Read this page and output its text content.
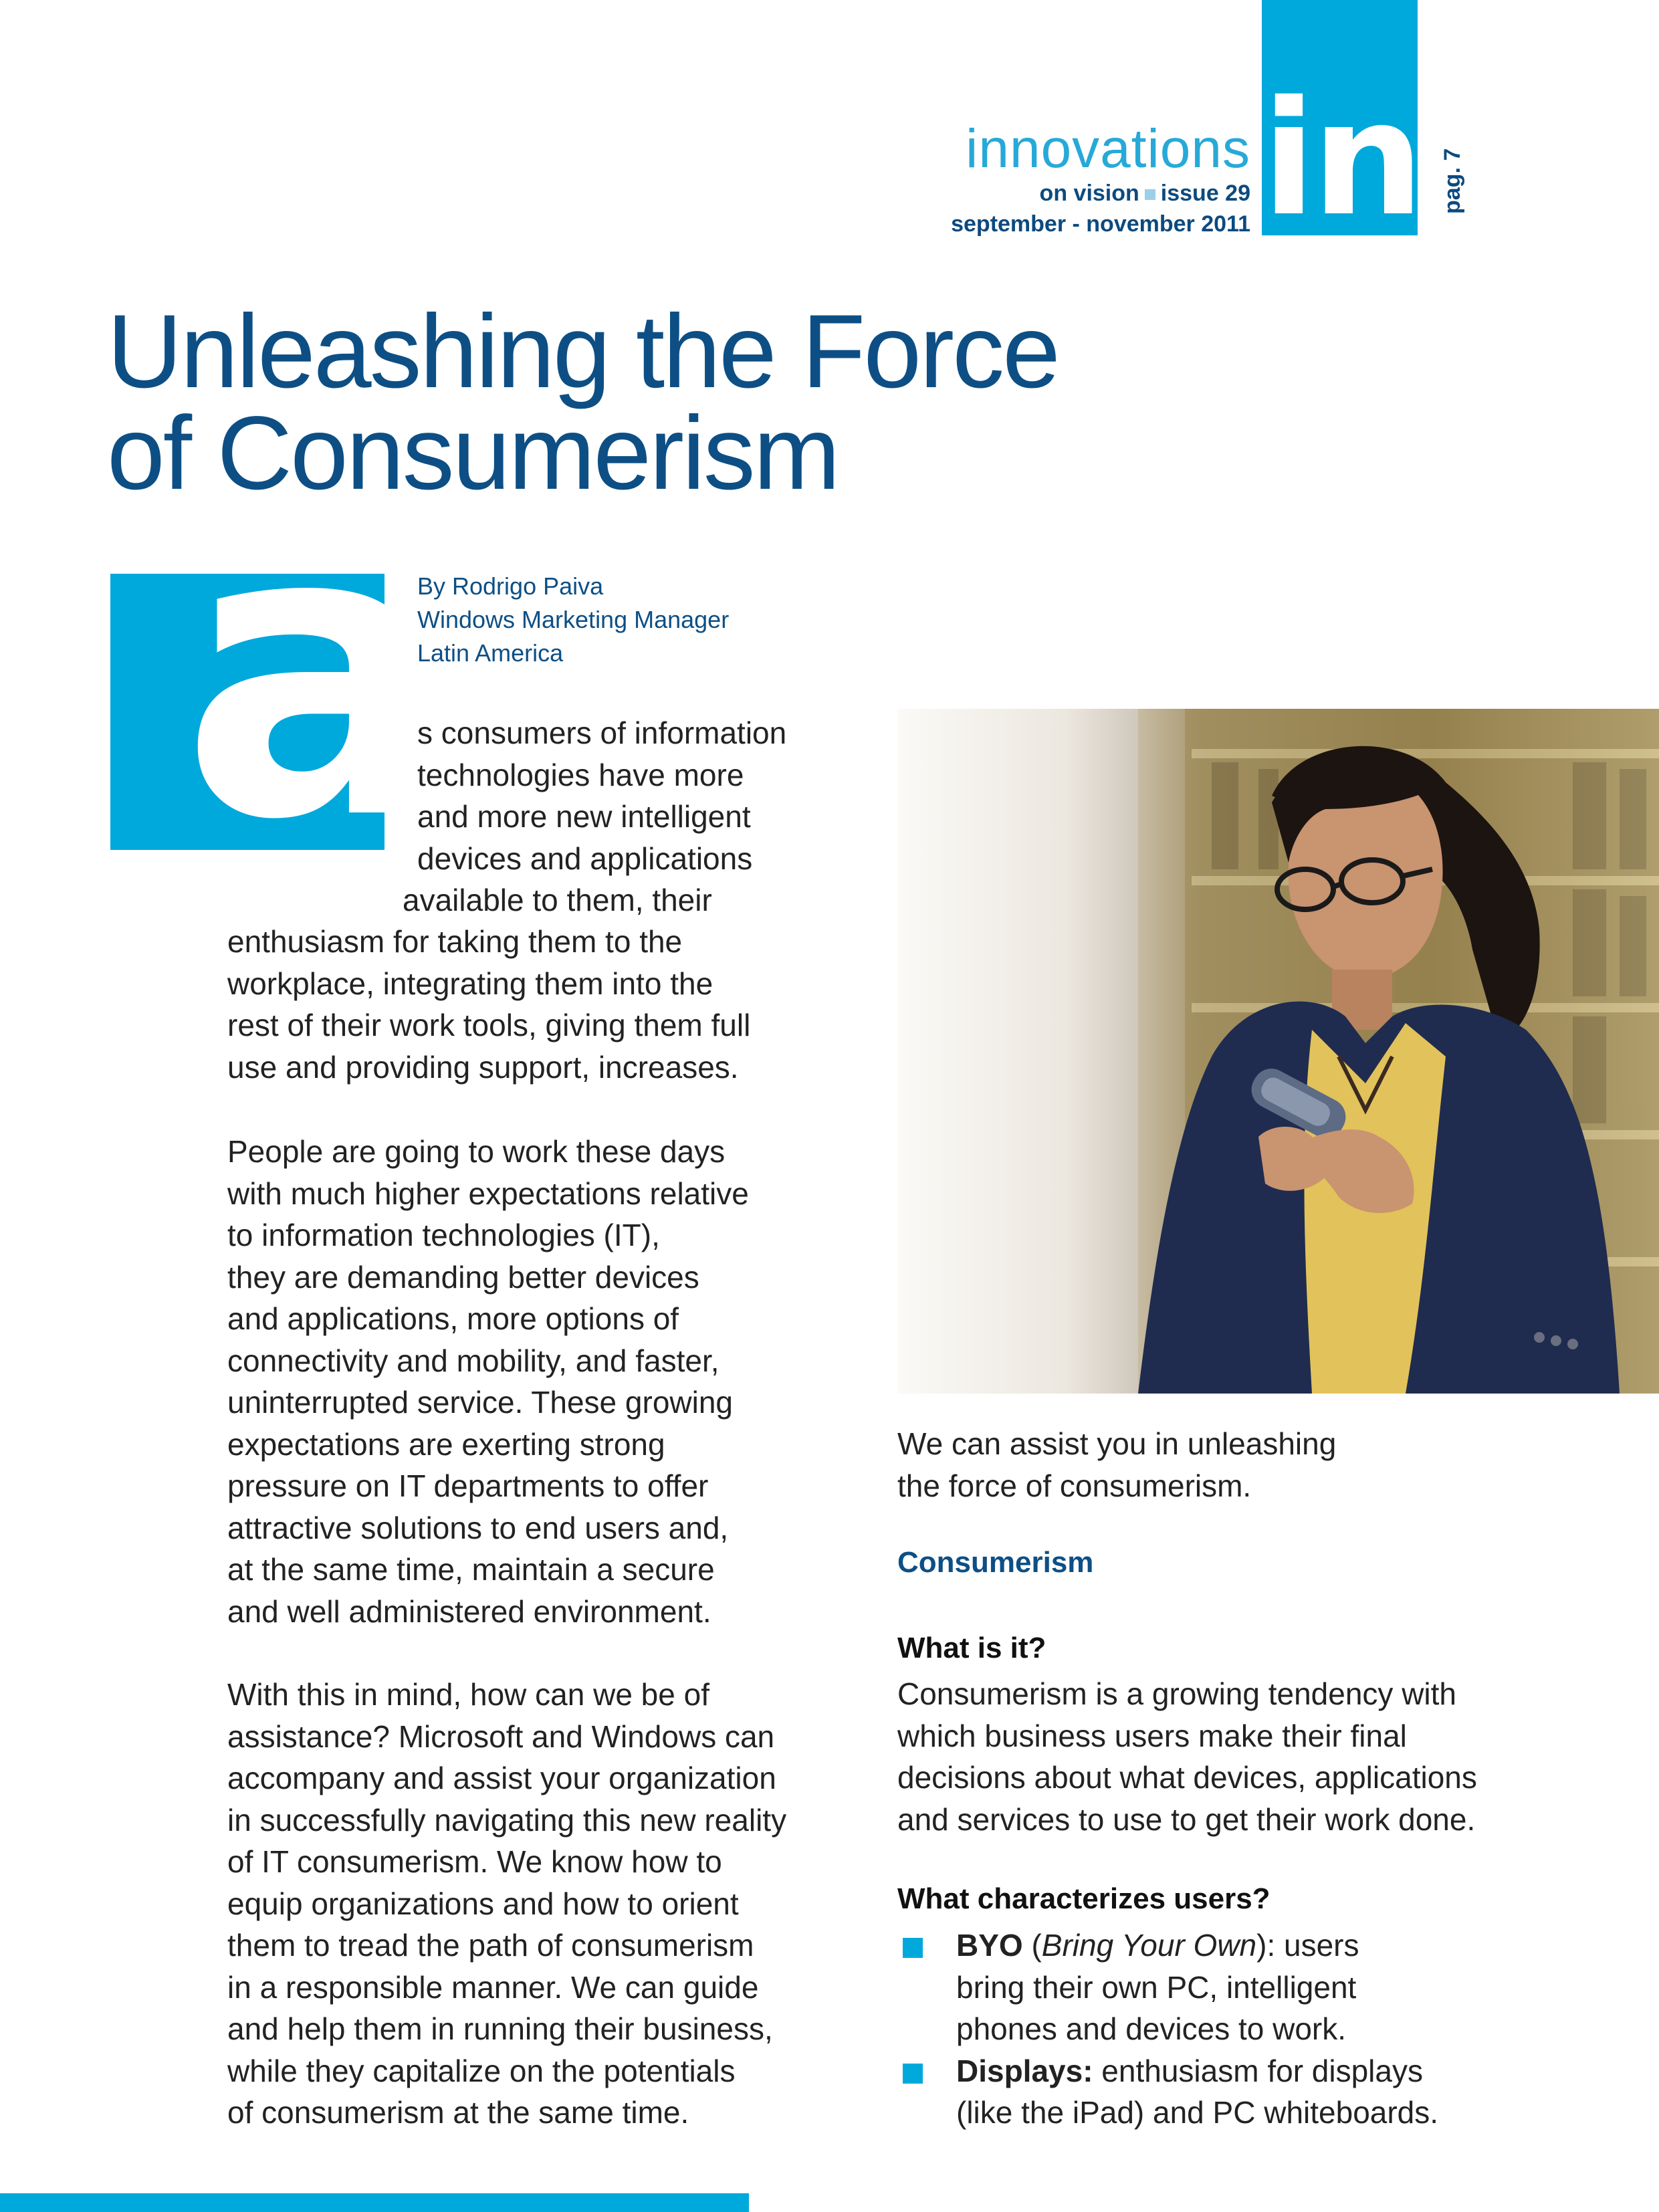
in
innovations
on vision issue 29
september - november 2011
pag. 7
Unleashing the Force
of Consumerism
a
By Rodrigo Paiva
Windows Marketing Manager
Latin America
s consumers of information
technologies have more
and more new intelligent
devices and applications
available to them, their
enthusiasm for taking them to the
workplace, integrating them into the
rest of their work tools, giving them full
use and providing support, increases.
People are going to work these days
with much higher expectations relative
to information technologies (IT),
they are demanding better devices
and applications, more options of
connectivity and mobility, and faster,
uninterrupted service. These growing
expectations are exerting strong
pressure on IT departments to offer
attractive solutions to end users and,
at the same time, maintain a secure
and well administered environment.
With this in mind, how can we be of
assistance? Microsoft and Windows can
accompany and assist your organization
in successfully navigating this new reality
of IT consumerism. We know how to
equip organizations and how to orient
them to tread the path of consumerism
in a responsible manner. We can guide
and help them in running their business,
while they capitalize on the potentials
of consumerism at the same time.
We can assist you in unleashing
the force of consumerism.
Consumerism
What is it?
Consumerism is a growing tendency with
which business users make their final
decisions about what devices, applications
and services to use to get their work done.
What characterizes users?
BYO (Bring Your Own): users
bring their own PC, intelligent
phones and devices to work.
Displays: enthusiasm for displays
(like the iPad) and PC whiteboards.
